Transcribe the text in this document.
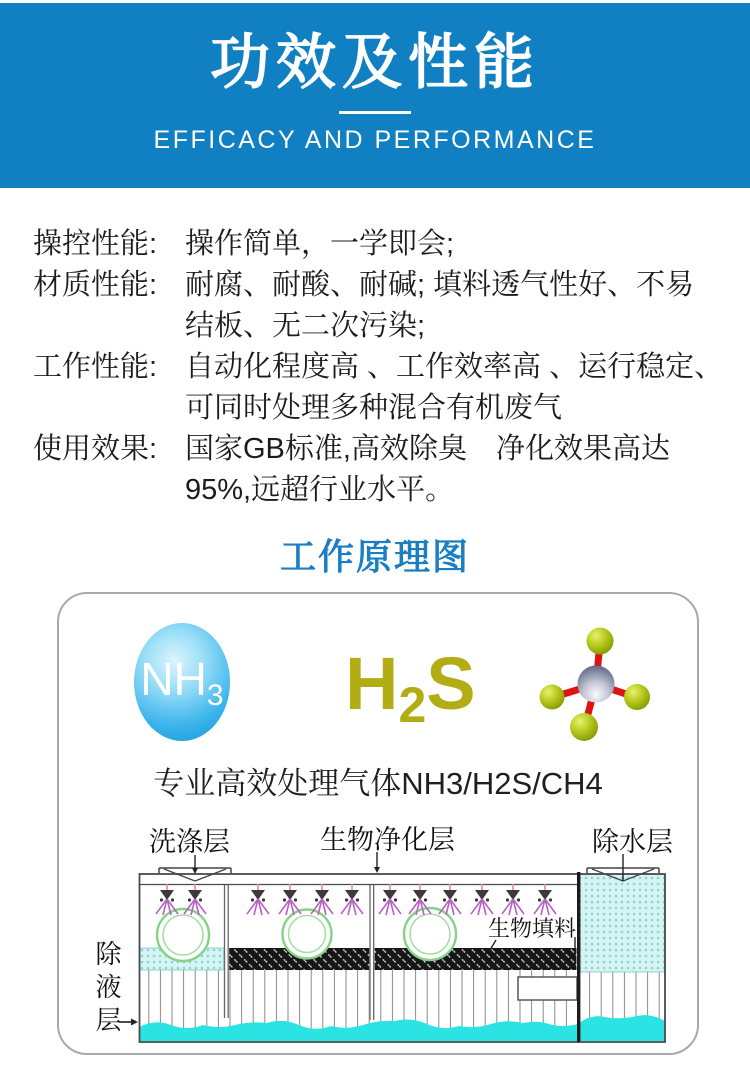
功效及性能
EFFICACY AND PERFORMANCE
操控性能: 操作简单，一学即会;
材质性能: 耐腐、耐酸、耐碱; 填料透气性好、不易
结板、无二次污染;
工作性能: 自动化程度高 、工作效率高 、运行稳定、
可同时处理多种混合有机废气
使用效果: 国家GB标准,高效除臭　净化效果高达
95%,远超行业水平。
工作原理图
$NH_3$ H2S
专业高效处理气体NH3/H2S/CH4
洗涤层	生物净化层	除水层
生物填料
除液层
